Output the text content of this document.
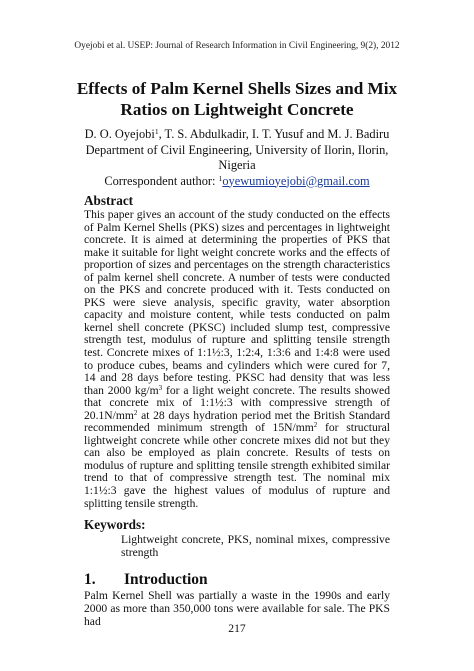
Oyejobi et al. USEP: Journal of Research Information in Civil Engineering, 9(2), 2012
Effects of Palm Kernel Shells Sizes and Mix
Ratios on Lightweight Concrete
D. O. Oyejobi$^1$, T. S. Abdulkadir, I. T. Yusuf and M. J. Badiru
Department of Civil Engineering, University of Ilorin, Ilorin,
Nigeria
Correspondent author: $^1$oyewumioyejobi@gmail.com
Abstract

This paper gives an account of the study conducted on the effects of Palm Kernel Shells (PKS) sizes and percentages in lightweight concrete. It is aimed at determining the properties of PKS that make it suitable for light weight concrete works and the effects of proportion of sizes and percentages on the strength characteristics of palm kernel shell concrete. A number of tests were conducted on the PKS and concrete produced with it. Tests conducted on PKS were sieve analysis, specific gravity, water absorption capacity and moisture content, while tests conducted on palm kernel shell concrete (PKSC) included slump test, compressive strength test, modulus of rupture and splitting tensile strength test. Concrete mixes of 1:1½:3, 1:2:4, 1:3:6 and 1:4:8 were used to produce cubes, beams and cylinders which were cured for 7, 14 and 28 days before testing. PKSC had density that was less than 2000 $kg/m^3$ for a light weight concrete. The results showed that concrete mix of 1:1½:3 with compressive strength of $20.1N/mm^2$ at 28 days hydration period met the British Standard recommended minimum strength of $15N/mm^2$ for structural lightweight concrete while other concrete mixes did not but they can also be employed as plain concrete. Results of tests on modulus of rupture and splitting tensile strength exhibited similar trend to that of compressive strength test. The nominal mix 1:1½:3 gave the highest values of modulus of rupture and splitting tensile strength.

Keywords:

Lightweight concrete, PKS, nominal mixes, compressive strength

1. Introduction

Palm Kernel Shell was partially a waste in the 1990s and early 2000 as more than 350,000 tons were available for sale. The PKS had

217
